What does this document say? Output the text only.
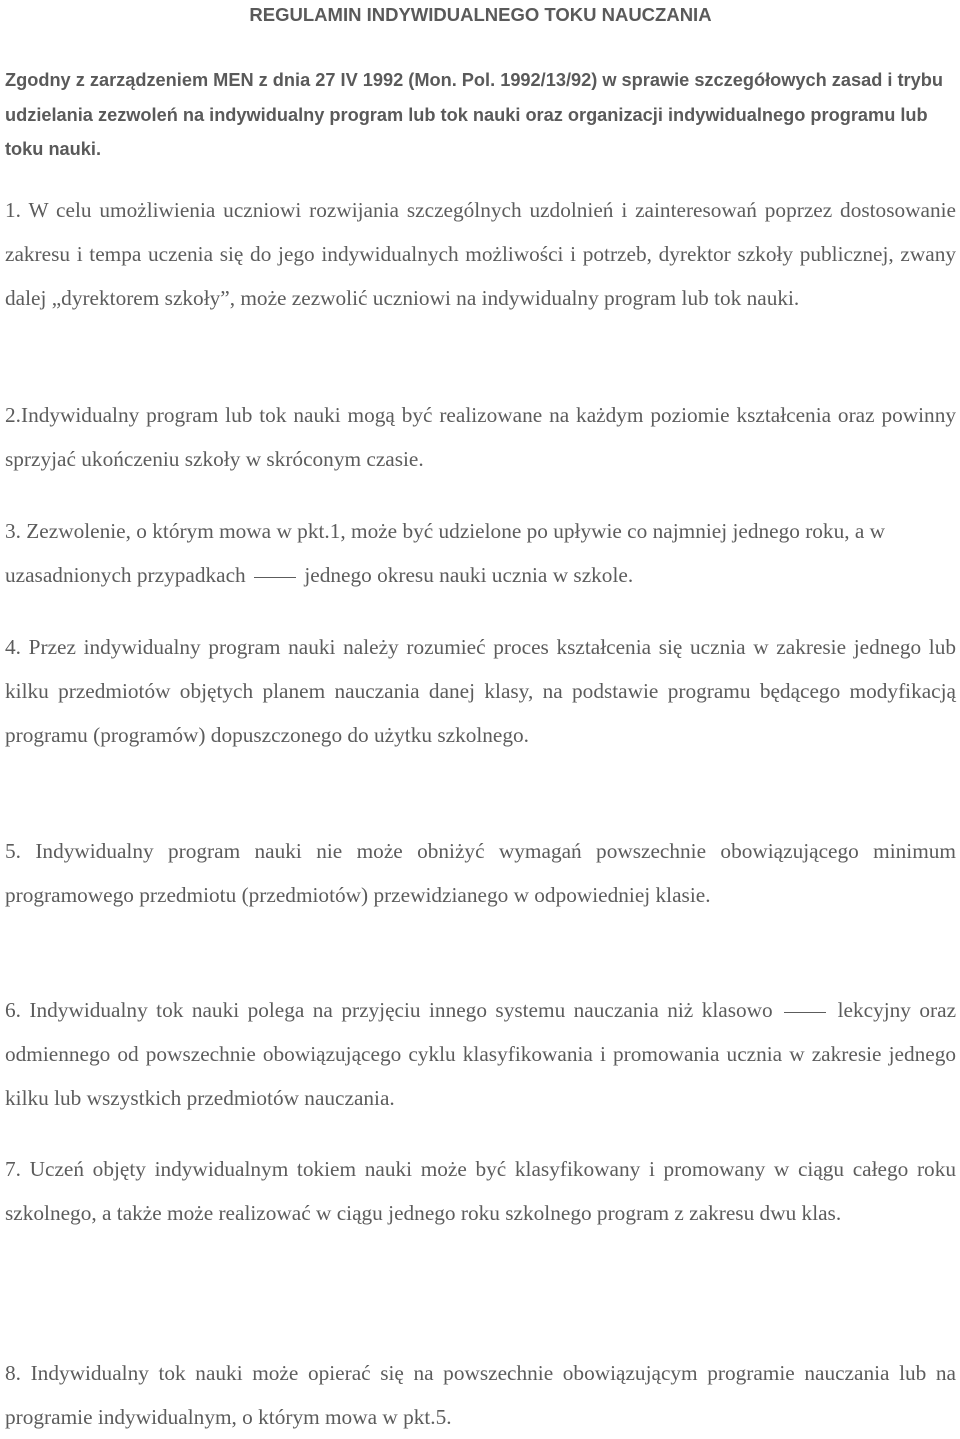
REGULAMIN INDYWIDUALNEGO TOKU NAUCZANIA

Zgodny z zarządzeniem MEN z dnia 27 IV 1992 (Mon. Pol. 1992/13/92) w sprawie szczegółowych zasad i trybu udzielania zezwoleń na indywidualny program lub tok nauki oraz organizacji indywidualnego programu lub toku nauki.

1. W celu umożliwienia uczniowi rozwijania szczególnych uzdolnień i zainteresowań poprzez dostosowanie zakresu i tempa uczenia się do jego indywidualnych możliwości i potrzeb, dyrektor szkoły publicznej, zwany dalej „dyrektorem szkoły”, może zezwolić uczniowi na indywidualny program lub tok nauki.

2.Indywidualny program lub tok nauki mogą być realizowane na każdym poziomie kształcenia oraz powinny sprzyjać ukończeniu szkoły w skróconym czasie.

3. Zezwolenie, o którym mowa w pkt.1, może być udzielone po upływie co najmniej jednego roku, a w uzasadnionych przypadkach	jednego okresu nauki ucznia w szkole.

4. Przez indywidualny program nauki należy rozumieć proces kształcenia się ucznia w zakresie jednego lub kilku przedmiotów objętych planem nauczania danej klasy, na podstawie programu będącego modyfikacją programu (programów) dopuszczonego do użytku szkolnego.

5. Indywidualny program nauki nie może obniżyć wymagań powszechnie obowiązującego minimum programowego przedmiotu (przedmiotów) przewidzianego w odpowiedniej klasie.

6. Indywidualny tok nauki polega na przyjęciu innego systemu nauczania niż klasowo	lekcyjny oraz odmiennego od powszechnie obowiązującego cyklu klasyfikowania i promowania ucznia w zakresie jednego kilku lub wszystkich przedmiotów nauczania.

7. Uczeń objęty indywidualnym tokiem nauki może być klasyfikowany i promowany w ciągu całego roku szkolnego, a także może realizować w ciągu jednego roku szkolnego program z zakresu dwu klas.

8. Indywidualny tok nauki może opierać się na powszechnie obowiązującym programie nauczania lub na programie indywidualnym, o którym mowa w pkt.5.
